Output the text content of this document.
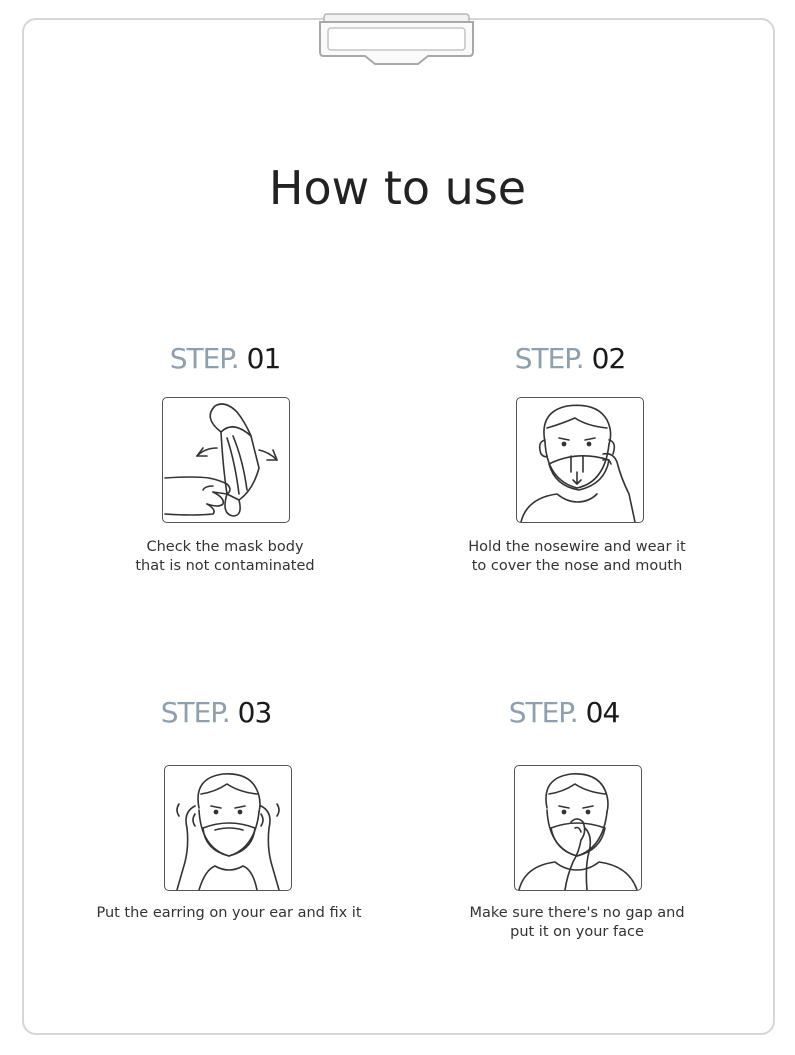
How to use
STEP. 01
Check the mask body
that is not contaminated
STEP. 02
Hold the nosewire and wear it
to cover the nose and mouth
STEP. 03
Put the earring on your ear and fix it
STEP. 04
Make sure there's no gap and
put it on your face
